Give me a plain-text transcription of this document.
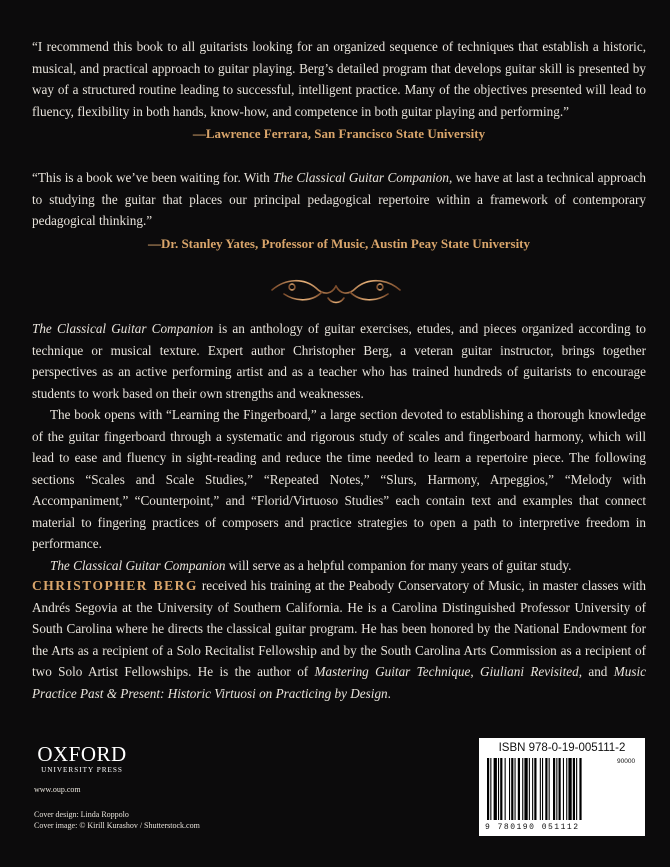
“I recommend this book to all guitarists looking for an organized sequence of techniques that establish a historic, musical, and practical approach to guitar playing. Berg’s detailed program that develops guitar skill is presented by way of a structured routine leading to successful, intelligent practice. Many of the objectives presented will lead to fluency, flexibility in both hands, know-how, and competence in both guitar playing and performing.”

—Lawrence Ferrara, San Francisco State University

“This is a book we’ve been waiting for. With The Classical Guitar Companion, we have at last a technical approach to studying the guitar that places our principal pedagogical repertoire within a framework of contemporary pedagogical thinking.”

—Dr. Stanley Yates, Professor of Music, Austin Peay State University

The Classical Guitar Companion is an anthology of guitar exercises, etudes, and pieces organized according to technique or musical texture. Expert author Christopher Berg, a veteran guitar instructor, brings together perspectives as an active performing artist and as a teacher who has trained hundreds of guitarists to encourage students to work based on their own strengths and weaknesses.

The book opens with “Learning the Fingerboard,” a large section devoted to establishing a thorough knowledge of the guitar fingerboard through a systematic and rigorous study of scales and fingerboard harmony, which will lead to ease and fluency in sight-reading and reduce the time needed to learn a repertoire piece. The following sections “Scales and Scale Studies,” “Repeated Notes,” “Slurs, Harmony, Arpeggios,” “Melody with Accompaniment,” “Counterpoint,” and “Florid/Virtuoso Studies” each contain text and examples that connect material to fingering practices of composers and practice strategies to open a path to interpretive freedom in performance.

The Classical Guitar Companion will serve as a helpful companion for many years of guitar study.

CHRISTOPHER BERG received his training at the Peabody Conservatory of Music, in master classes with Andrés Segovia at the University of Southern California. He is a Carolina Distinguished Professor University of South Carolina where he directs the classical guitar program. He has been honored by the National Endowment for the Arts as a recipient of a Solo Recitalist Fellowship and by the South Carolina Arts Commission as a recipient of two Solo Artist Fellowships. He is the author of Mastering Guitar Technique, Giuliani Revisited, and Music Practice Past & Present: Historic Virtuosi on Practicing by Design.
OXFORD
UNIVERSITY PRESS
www.oup.com
Cover design: Linda Roppolo
Cover image: © Kirill Kurashov / Shutterstock.com
ISBN 978-0-19-005111-2
90000
9 780190 051112
